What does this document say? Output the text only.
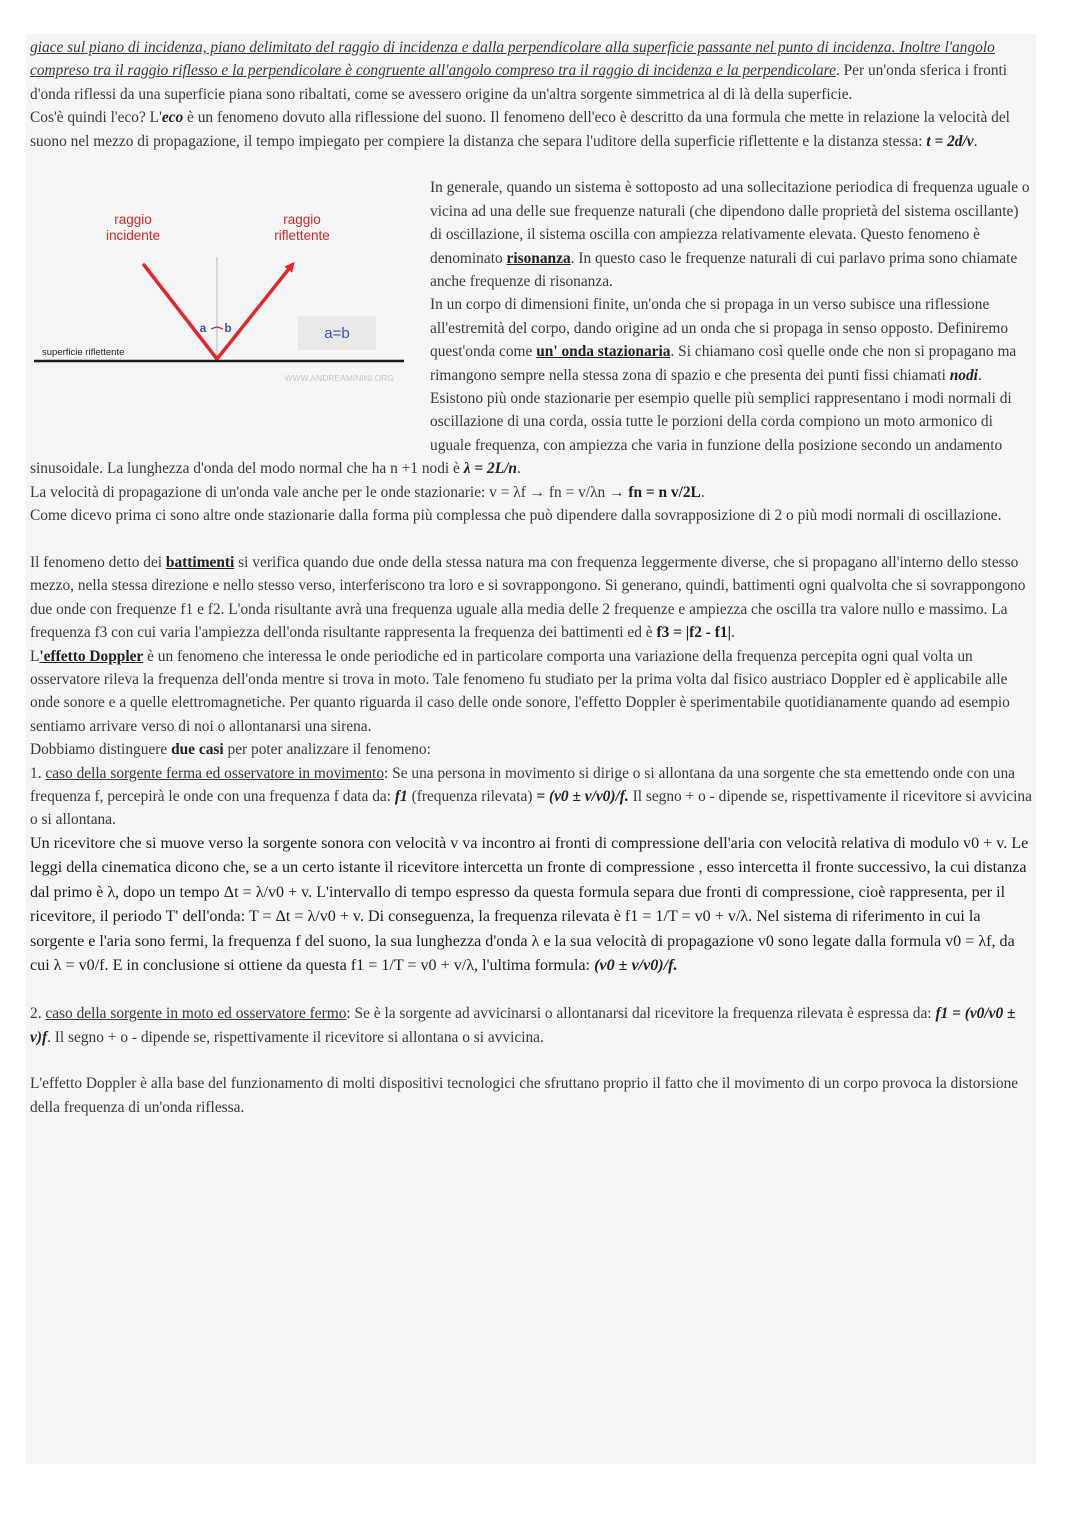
giace sul piano di incidenza, piano delimitato del raggio di incidenza e dalla perpendicolare alla superficie passante nel punto di incidenza. Inoltre l'angolo compreso tra il raggio riflesso e la perpendicolare è congruente all'angolo compreso tra il raggio di incidenza e la perpendicolare. Per un'onda sferica i fronti d'onda riflessi da una superficie piana sono ribaltati, come se avessero origine da un'altra sorgente simmetrica al di là della superficie.

Cos'è quindi l'eco? L'eco è un fenomeno dovuto alla riflessione del suono. Il fenomeno dell'eco è descritto da una formula che mette in relazione la velocità del suono nel mezzo di propagazione, il tempo impiegato per compiere la distanza che separa l'uditore della superficie riflettente e la distanza stessa: t = 2d/v.

raggio
incidente
raggio
riflettente
a b	a=b
superficie riflettente
WWW.ANDREAMININI.ORG

In generale, quando un sistema è sottoposto ad una sollecitazione periodica di frequenza uguale o vicina ad una delle sue frequenze naturali (che dipendono dalle proprietà del sistema oscillante) di oscillazione, il sistema oscilla con ampiezza relativamente elevata. Questo fenomeno è denominato risonanza. In questo caso le frequenze naturali di cui parlavo prima sono chiamate anche frequenze di risonanza.

In un corpo di dimensioni finite, un'onda che si propaga in un verso subisce una riflessione all'estremità del corpo, dando origine ad un onda che si propaga in senso opposto. Definiremo quest'onda come un' onda stazionaria. Si chiamano così quelle onde che non si propagano ma rimangono sempre nella stessa zona di spazio e che presenta dei punti fissi chiamati nodi. Esistono più onde stazionarie per esempio quelle più semplici rappresentano i modi normali di oscillazione di una corda, ossia tutte le porzioni della corda compiono un moto armonico di uguale frequenza, con ampiezza che varia in funzione della posizione secondo un andamento sinusoidale. La lunghezza d'onda del modo normal che ha n +1 nodi è λ = 2L/n.

La velocità di propagazione di un'onda vale anche per le onde stazionarie: v = λf → fn = v/λn → fn = n v/2L.

Come dicevo prima ci sono altre onde stazionarie dalla forma più complessa che può dipendere dalla sovrapposizione di 2 o più modi normali di oscillazione.

Il fenomeno detto dei battimenti si verifica quando due onde della stessa natura ma con frequenza leggermente diverse, che si propagano all'interno dello stesso mezzo, nella stessa direzione e nello stesso verso, interferiscono tra loro e si sovrappongono. Si generano, quindi, battimenti ogni qualvolta che si sovrappongono due onde con frequenze f1 e f2. L'onda risultante avrà una frequenza uguale alla media delle 2 frequenze e ampiezza che oscilla tra valore nullo e massimo. La frequenza f3 con cui varia l'ampiezza dell'onda risultante rappresenta la frequenza dei battimenti ed è f3 = |f2 - f1|.

L'effetto Doppler è un fenomeno che interessa le onde periodiche ed in particolare comporta una variazione della frequenza percepita ogni qual volta un osservatore rileva la frequenza dell'onda mentre si trova in moto. Tale fenomeno fu studiato per la prima volta dal fisico austriaco Doppler ed è applicabile alle onde sonore e a quelle elettromagnetiche. Per quanto riguarda il caso delle onde sonore, l'effetto Doppler è sperimentabile quotidianamente quando ad esempio sentiamo arrivare verso di noi o allontanarsi una sirena.

Dobbiamo distinguere due casi per poter analizzare il fenomeno:

1. caso della sorgente ferma ed osservatore in movimento: Se una persona in movimento si dirige o si allontana da una sorgente che sta emettendo onde con una frequenza f, percepirà le onde con una frequenza f data da: f1 (frequenza rilevata) = (v0 ± v/v0)/f. Il segno + o - dipende se, rispettivamente il ricevitore si avvicina o si allontana.

Un ricevitore che si muove verso la sorgente sonora con velocità v va incontro ai fronti di compressione dell'aria con velocità relativa di modulo v0 + v. Le leggi della cinematica dicono che, se a un certo istante il ricevitore intercetta un fronte di compressione , esso intercetta il fronte successivo, la cui distanza dal primo è λ, dopo un tempo Δt = λ/v0 + v. L'intervallo di tempo espresso da questa formula separa due fronti di compressione, cioè rappresenta, per il ricevitore, il periodo T' dell'onda: T = Δt = λ/v0 + v. Di conseguenza, la frequenza rilevata è f1 = 1/T = v0 + v/λ. Nel sistema di riferimento in cui la sorgente e l'aria sono fermi, la frequenza f del suono, la sua lunghezza d'onda λ e la sua velocità di propagazione v0 sono legate dalla formula v0 = λf, da cui λ = v0/f. E in conclusione si ottiene da questa f1 = 1/T = v0 + v/λ, l'ultima formula: (v0 ± v/v0)/f.

2. caso della sorgente in moto ed osservatore fermo: Se è la sorgente ad avvicinarsi o allontanarsi dal ricevitore la frequenza rilevata è espressa da: f1 = (v0/v0 ± v)f. Il segno + o - dipende se, rispettivamente il ricevitore si allontana o si avvicina.

L'effetto Doppler è alla base del funzionamento di molti dispositivi tecnologici che sfruttano proprio il fatto che il movimento di un corpo provoca la distorsione della frequenza di un'onda riflessa.
